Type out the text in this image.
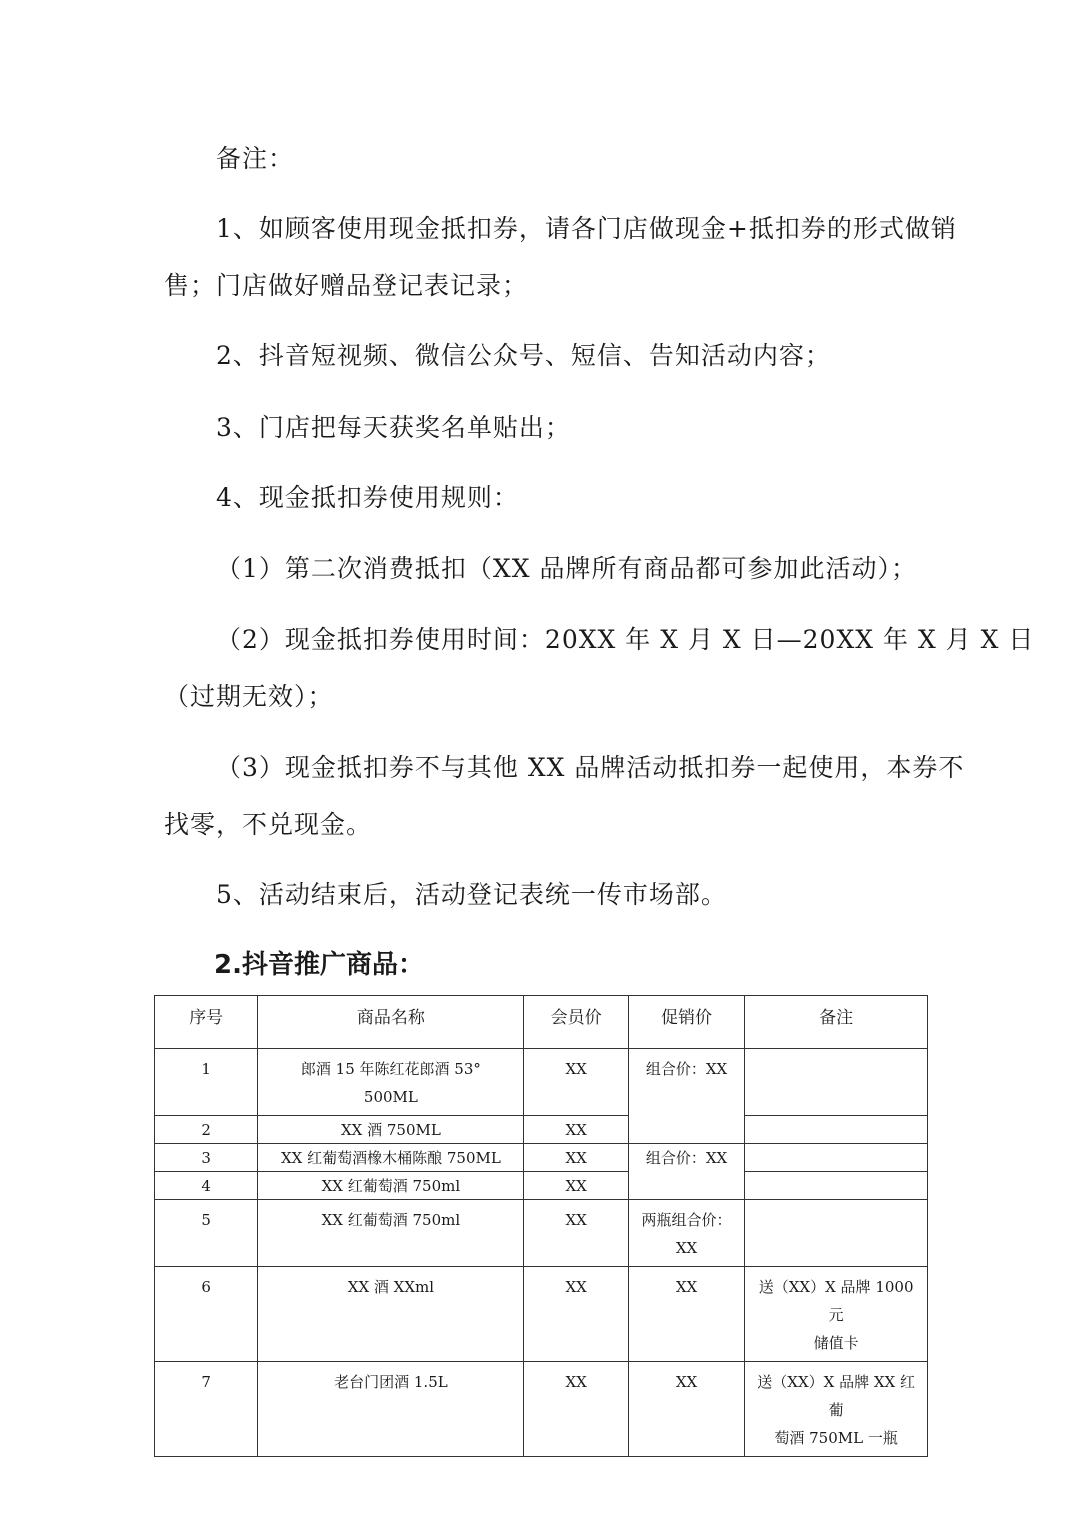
备注：
1、如顾客使用现金抵扣券，请各门店做现金+抵扣券的形式做销
售；门店做好赠品登记表记录；
2、抖音短视频、微信公众号、短信、告知活动内容；
3、门店把每天获奖名单贴出；
4、现金抵扣券使用规则：
（1）第二次消费抵扣（XX 品牌所有商品都可参加此活动）；
（2）现金抵扣券使用时间：20XX 年 X 月 X 日—20XX 年 X 月 X 日
（过期无效）；
（3）现金抵扣券不与其他 XX 品牌活动抵扣券一起使用，本券不
找零，不兑现金。
5、活动结束后，活动登记表统一传市场部。
2.抖音推广商品：
序号	商品名称	会员价	促销价	备注
1	郎酒 15 年陈红花郎酒 53°
500ML	XX	组合价：XX	
2	XX 酒 750ML	XX		
3	XX 红葡萄酒橡木桶陈酿 750ML	XX	组合价：XX	
4	XX 红葡萄酒 750ml	XX		
5	XX 红葡萄酒 750ml	XX	两瓶组合价：
XX	
6	XX 酒 XXml	XX	XX	送（XX）X 品牌 1000 元
储值卡
7	老台门团酒 1.5L	XX	XX	送（XX）X 品牌 XX 红葡
萄酒 750ML 一瓶
